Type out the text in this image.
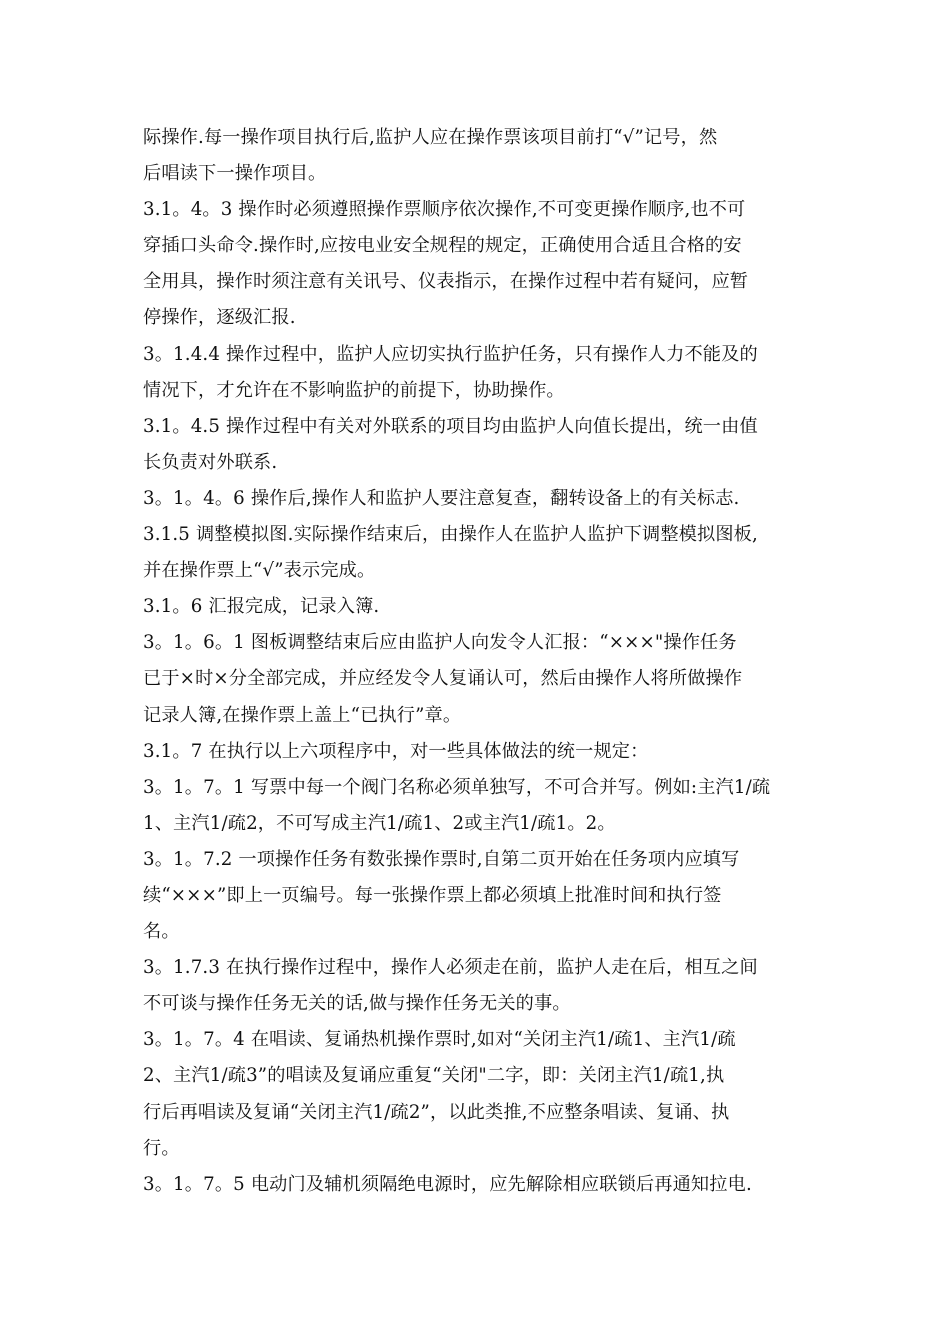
际操作.每一操作项目执行后,监护人应在操作票该项目前打“√”记号，然
后唱读下一操作项目。
3.1。4。3 操作时必须遵照操作票顺序依次操作,不可变更操作顺序,也不可
穿插口头命令.操作时,应按电业安全规程的规定，正确使用合适且合格的安
全用具，操作时须注意有关讯号、仪表指示，在操作过程中若有疑问，应暂
停操作，逐级汇报.
3。1.4.4 操作过程中，监护人应切实执行监护任务，只有操作人力不能及的
情况下，才允许在不影响监护的前提下，协助操作。
3.1。4.5 操作过程中有关对外联系的项目均由监护人向值长提出，统一由值
长负责对外联系.
3。1。4。6 操作后,操作人和监护人要注意复查，翻转设备上的有关标志.
3.1.5 调整模拟图.实际操作结束后，由操作人在监护人监护下调整模拟图板,
并在操作票上“√”表示完成。
3.1。6 汇报完成，记录入簿.
3。1。6。1 图板调整结束后应由监护人向发令人汇报：“×××"操作任务
已于×时×分全部完成，并应经发令人复诵认可，然后由操作人将所做操作
记录人簿,在操作票上盖上“已执行”章。
3.1。7 在执行以上六项程序中，对一些具体做法的统一规定：
3。1。7。1 写票中每一个阀门名称必须单独写，不可合并写。例如:主汽1/疏
1、主汽1/疏2，不可写成主汽1/疏1、2或主汽1/疏1。2。
3。1。7.2 一项操作任务有数张操作票时,自第二页开始在任务项内应填写
续“×××”即上一页编号。每一张操作票上都必须填上批准时间和执行签
名。
3。1.7.3 在执行操作过程中，操作人必须走在前，监护人走在后，相互之间
不可谈与操作任务无关的话,做与操作任务无关的事。
3。1。7。4 在唱读、复诵热机操作票时,如对“关闭主汽1/疏1、主汽1/疏
2、主汽1/疏3”的唱读及复诵应重复“关闭"二字，即：关闭主汽1/疏1,执
行后再唱读及复诵“关闭主汽1/疏2”，以此类推,不应整条唱读、复诵、执
行。
3。1。7。5 电动门及辅机须隔绝电源时，应先解除相应联锁后再通知拉电.
